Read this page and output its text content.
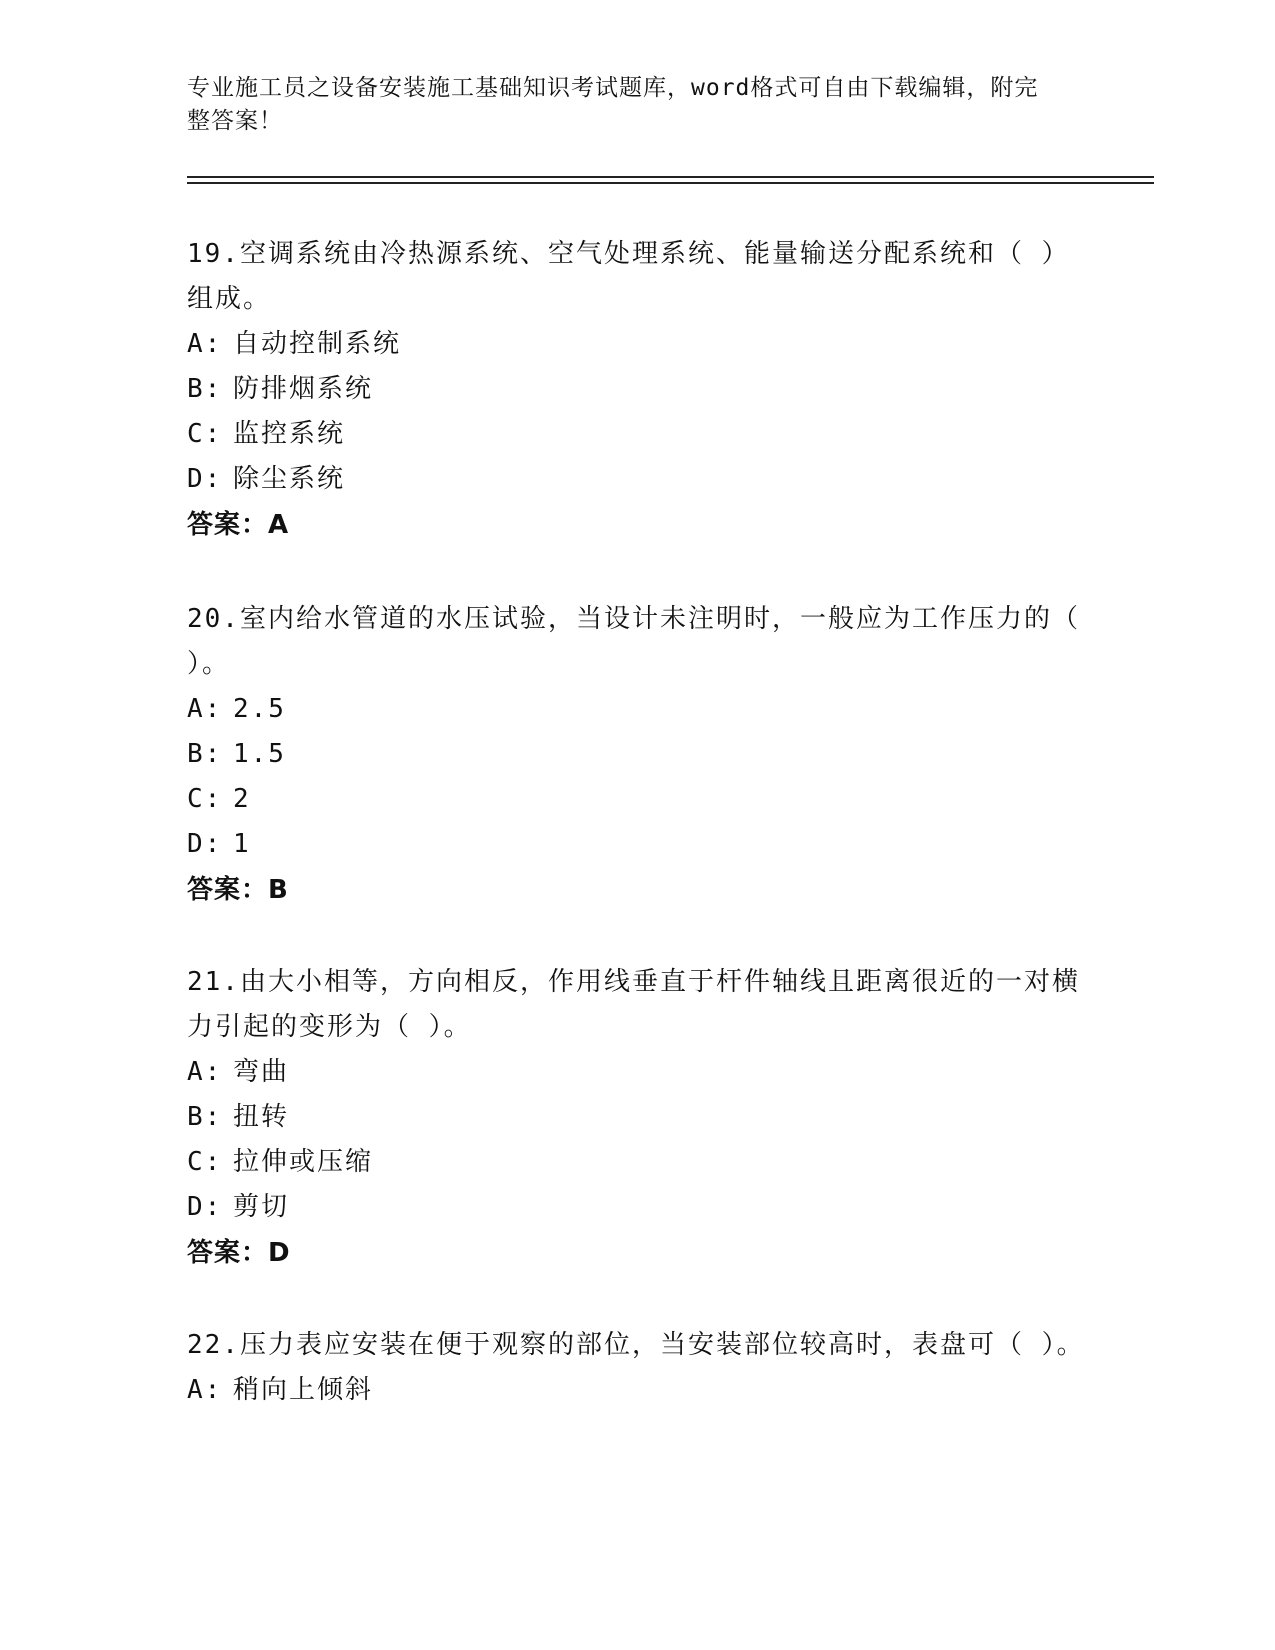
专业施工员之设备安装施工基础知识考试题库，word格式可自由下载编辑，附完整答案！

19.空调系统由冷热源系统、空气处理系统、能量输送分配系统和（ ）组成。

A: 自动控制系统

B: 防排烟系统

C: 监控系统

D: 除尘系统

答案：A

20.室内给水管道的水压试验，当设计未注明时，一般应为工作压力的（ ）。

A: 2.5

B: 1.5

C: 2

D: 1

答案：B

21.由大小相等，方向相反，作用线垂直于杆件轴线且距离很近的一对横力引起的变形为（ ）。

A: 弯曲

B: 扭转

C: 拉伸或压缩

D: 剪切

答案：D

22.压力表应安装在便于观察的部位，当安装部位较高时，表盘可（ ）。

A: 稍向上倾斜
